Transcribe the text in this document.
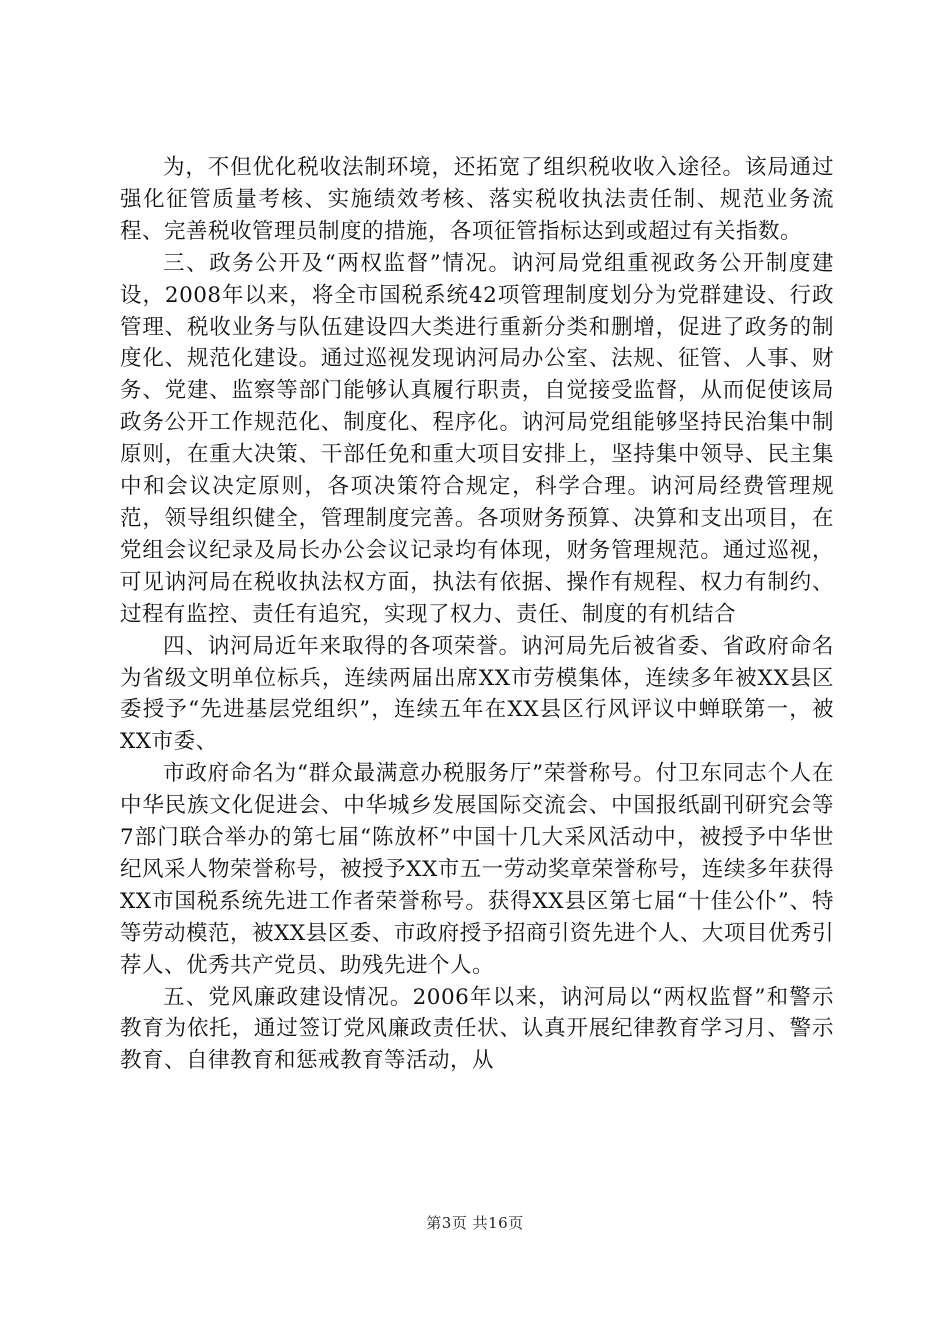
为，不但优化税收法制环境，还拓宽了组织税收收入途径。该局通过强化征管质量考核、实施绩效考核、落实税收执法责任制、规范业务流程、完善税收管理员制度的措施，各项征管指标达到或超过有关指数。

三、政务公开及“两权监督”情况。讷河局党组重视政务公开制度建设，2008年以来，将全市国税系统42项管理制度划分为党群建设、行政管理、税收业务与队伍建设四大类进行重新分类和删增，促进了政务的制度化、规范化建设。通过巡视发现讷河局办公室、法规、征管、人事、财务、党建、监察等部门能够认真履行职责，自觉接受监督，从而促使该局政务公开工作规范化、制度化、程序化。讷河局党组能够坚持民治集中制原则，在重大决策、干部任免和重大项目安排上，坚持集中领导、民主集中和会议决定原则，各项决策符合规定，科学合理。讷河局经费管理规范，领导组织健全，管理制度完善。各项财务预算、决算和支出项目，在党组会议纪录及局长办公会议记录均有体现，财务管理规范。通过巡视，可见讷河局在税收执法权方面，执法有依据、操作有规程、权力有制约、过程有监控、责任有追究，实现了权力、责任、制度的有机结合

四、讷河局近年来取得的各项荣誉。讷河局先后被省委、省政府命名为省级文明单位标兵，连续两届出席XX市劳模集体，连续多年被XX县区委授予“先进基层党组织”，连续五年在XX县区行风评议中蝉联第一，被XX市委、

市政府命名为“群众最满意办税服务厅”荣誉称号。付卫东同志个人在中华民族文化促进会、中华城乡发展国际交流会、中国报纸副刊研究会等7部门联合举办的第七届“陈放杯”中国十几大采风活动中，被授予中华世纪风采人物荣誉称号，被授予XX市五一劳动奖章荣誉称号，连续多年获得XX市国税系统先进工作者荣誉称号。获得XX县区第七届“十佳公仆”、特等劳动模范，被XX县区委、市政府授予招商引资先进个人、大项目优秀引荐人、优秀共产党员、助残先进个人。

五、党风廉政建设情况。2006年以来，讷河局以“两权监督”和警示教育为依托，通过签订党风廉政责任状、认真开展纪律教育学习月、警示教育、自律教育和惩戒教育等活动，从

第3页 共16页
